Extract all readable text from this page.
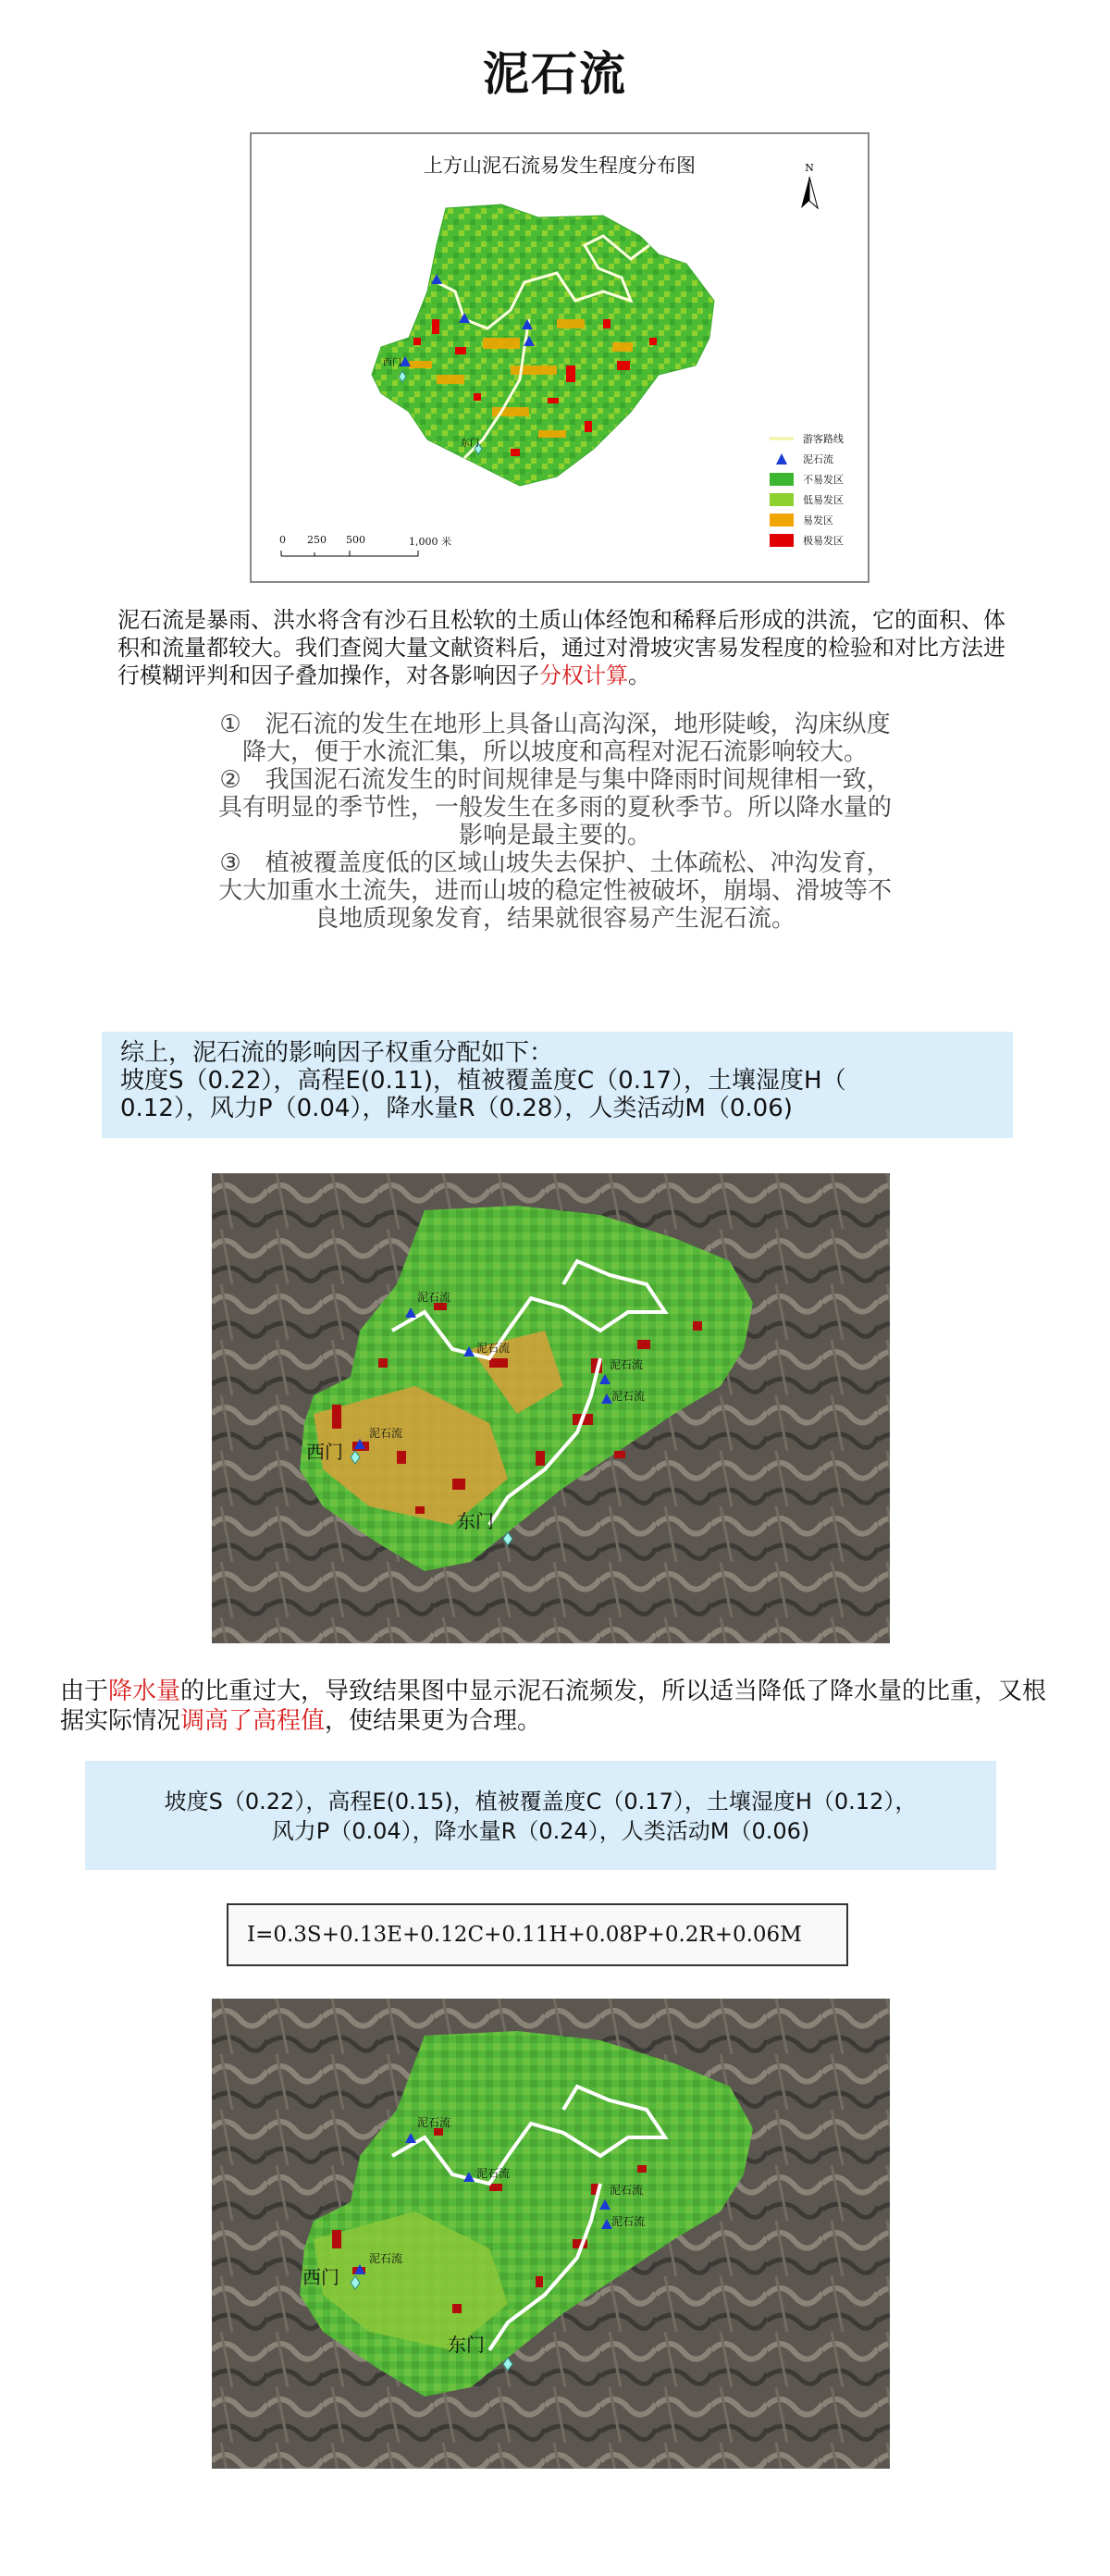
泥石流
上方山泥石流易发生程度分布图	N
西门
东门	游客路线
泥石流
不易发区
低易发区
易发区
极易发区
0 250 500	1,000 米
泥石流是暴雨、洪水将含有沙石且松软的土质山体经饱和稀释后形成的洪流，它的面积、体积和流量都较大。我们查阅大量文献资料后，通过对滑坡灾害易发程度的检验和对比方法进行模糊评判和因子叠加操作，对各影响因子分权计算。
①　泥石流的发生在地形上具备山高沟深，地形陡峻，沟床纵度降大，便于水流汇集，所以坡度和高程对泥石流影响较大。
②　我国泥石流发生的时间规律是与集中降雨时间规律相一致，具有明显的季节性，一般发生在多雨的夏秋季节。所以降水量的影响是最主要的。
③　植被覆盖度低的区域山坡失去保护、土体疏松、冲沟发育，大大加重水土流失，进而山坡的稳定性被破坏，崩塌、滑坡等不良地质现象发育，结果就很容易产生泥石流。
综上，泥石流的影响因子权重分配如下：
坡度S（0.22），高程E(0.11)，植被覆盖度C（0.17），土壤湿度H（
0.12），风力P（0.04），降水量R（0.28），人类活动M（0.06)
泥石流
泥石流
泥石流
泥石流
泥石流
西门
东门
由于降水量的比重过大，导致结果图中显示泥石流频发，所以适当降低了降水量的比重，又根据实际情况调高了高程值，使结果更为合理。
坡度S（0.22），高程E(0.15)，植被覆盖度C（0.17），土壤湿度H（0.12），
风力P（0.04），降水量R（0.24），人类活动M（0.06)
I=0.3S+0.13E+0.12C+0.11H+0.08P+0.2R+0.06M
泥石流
泥石流
泥石流
泥石流
泥石流
西门
东门
